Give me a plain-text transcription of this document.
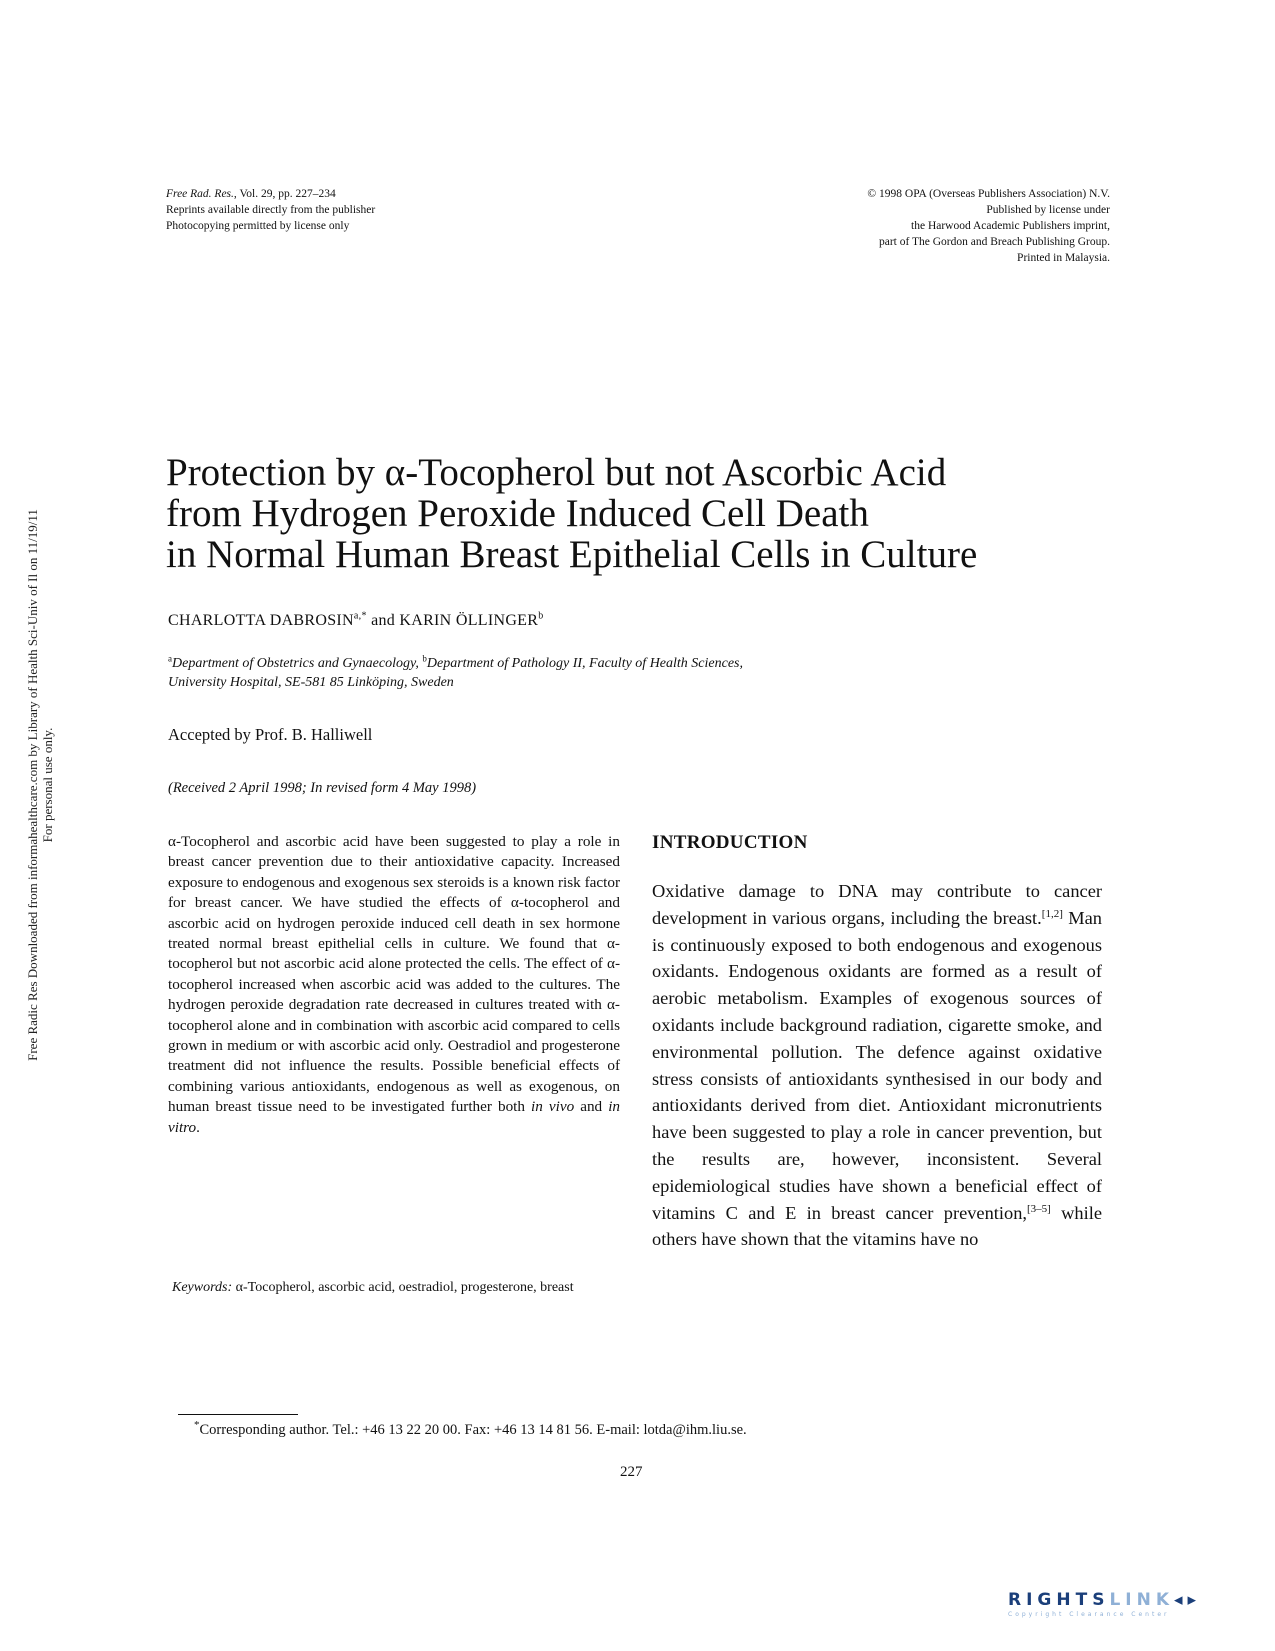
Free Rad. Res., Vol. 29, pp. 227–234
Reprints available directly from the publisher
Photocopying permitted by license only
© 1998 OPA (Overseas Publishers Association) N.V.
Published by license under
the Harwood Academic Publishers imprint,
part of The Gordon and Breach Publishing Group.
Printed in Malaysia.
Free Radic Res Downloaded from informahealthcare.com by Library of Health Sci-Univ of Il on 11/19/11 For personal use only.
Protection by α-Tocopherol but not Ascorbic Acid
from Hydrogen Peroxide Induced Cell Death
in Normal Human Breast Epithelial Cells in Culture
CHARLOTTA $DABROSIN^{a,*}$ and KARIN ÖLLINGER$^b$
$^a$Department of Obstetrics and Gynaecology, $^b$Department of Pathology II, Faculty of Health Sciences,
University Hospital, SE-581 85 Linköping, Sweden
Accepted by Prof. B. Halliwell
(Received 2 April 1998; In revised form 4 May 1998)
α-Tocopherol and ascorbic acid have been suggested to play a role in breast cancer prevention due to their antioxidative capacity. Increased exposure to endogenous and exogenous sex steroids is a known risk factor for breast cancer. We have studied the effects of α-tocopherol and ascorbic acid on hydrogen peroxide induced cell death in sex hormone treated normal breast epithelial cells in culture. We found that α-tocopherol but not ascorbic acid alone protected the cells. The effect of α-tocopherol increased when ascorbic acid was added to the cultures. The hydrogen peroxide degradation rate decreased in cultures treated with α-tocopherol alone and in combination with ascorbic acid compared to cells grown in medium or with ascorbic acid only. Oestradiol and progesterone treatment did not influence the results. Possible beneficial effects of combining various antioxidants, endogenous as well as exogenous, on human breast tissue need to be investigated further both in vivo and in vitro.
Keywords: α-Tocopherol, ascorbic acid, oestradiol, progesterone, breast
INTRODUCTION
Oxidative damage to DNA may contribute to cancer development in various organs, including the breast.[1,2] Man is continuously exposed to both endogenous and exogenous oxidants. Endogenous oxidants are formed as a result of aerobic metabolism. Examples of exogenous sources of oxidants include background radiation, cigarette smoke, and environmental pollution. The defence against oxidative stress consists of antioxidants synthesised in our body and antioxidants derived from diet. Antioxidant micronutrients have been suggested to play a role in cancer prevention, but the results are, however, inconsistent. Several epidemiological studies have shown a beneficial effect of vitamins C and E in breast cancer prevention,[3–5] while others have shown that the vitamins have no
*Corresponding author. Tel.: +46 13 22 20 00. Fax: +46 13 14 81 56. E-mail: lotda@ihm.liu.se.
227
RIGHTSLINK◂▸
Copyright Clearance Center
